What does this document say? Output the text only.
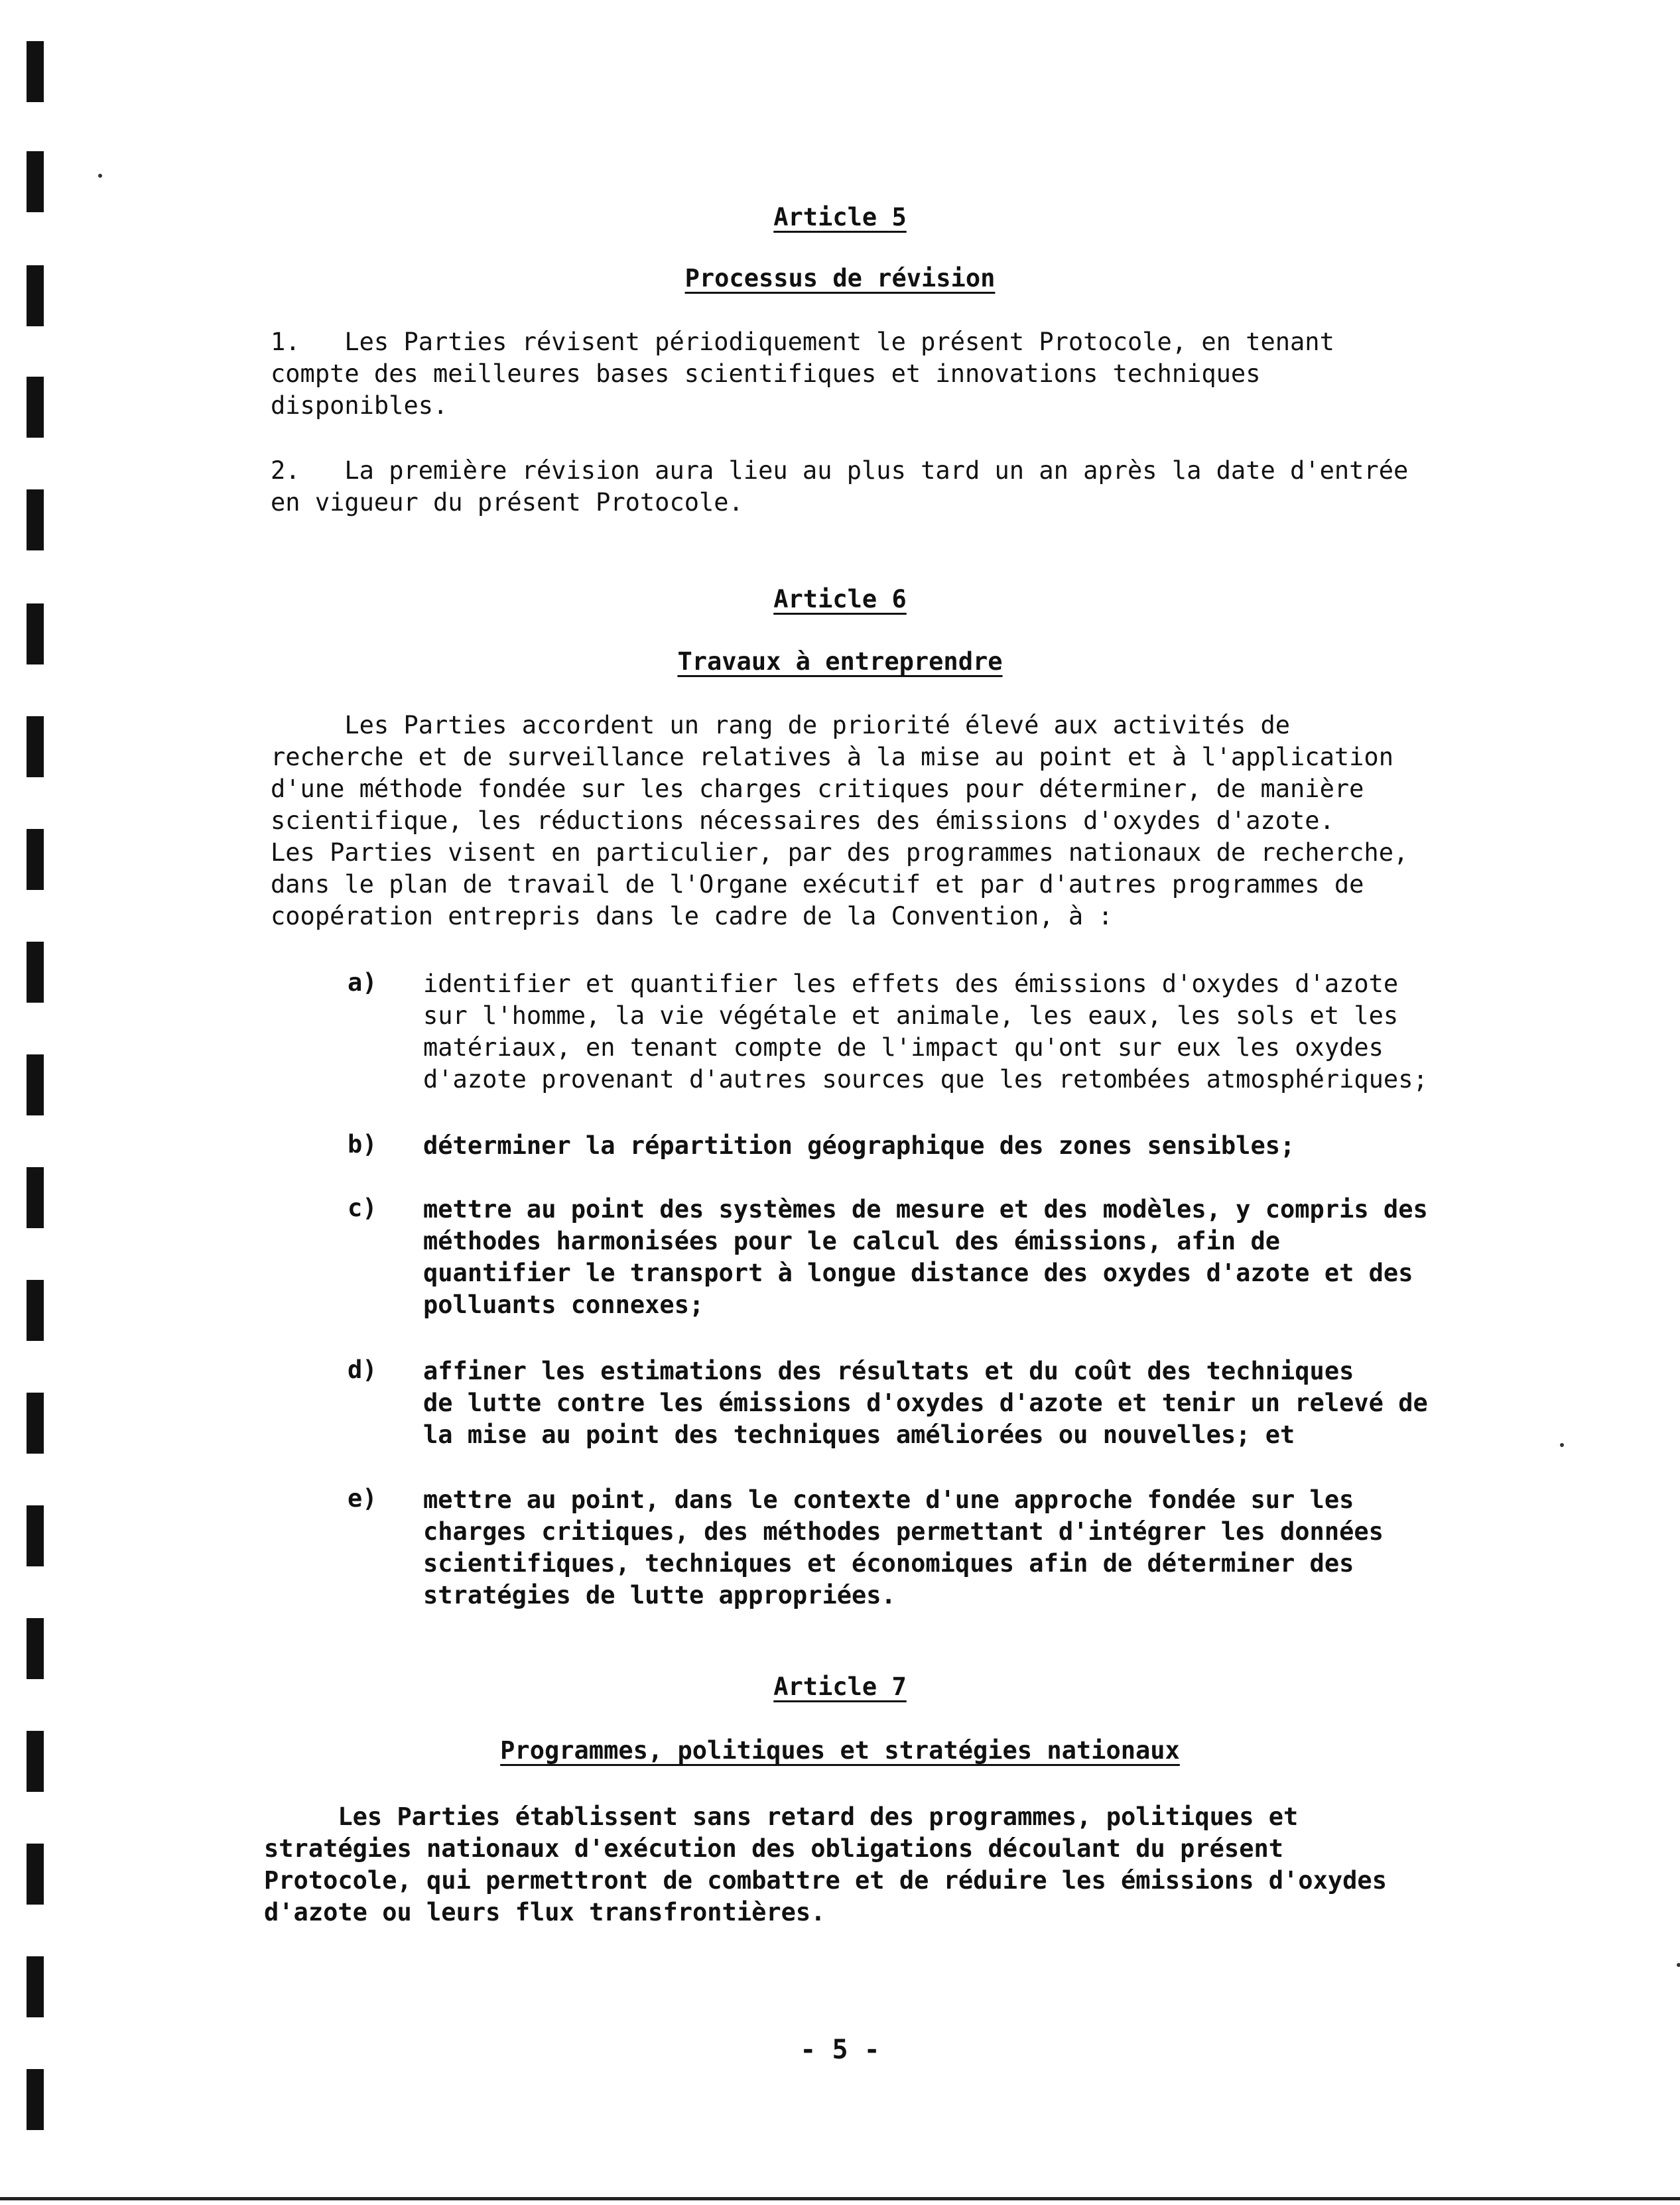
Article 5
Processus de révision
1.   Les Parties révisent périodiquement le présent Protocole, en tenant
compte des meilleures bases scientifiques et innovations techniques
disponibles.
2.   La première révision aura lieu au plus tard un an après la date d'entrée
en vigueur du présent Protocole.
Article 6
Travaux à entreprendre
Les Parties accordent un rang de priorité élevé aux activités de
recherche et de surveillance relatives à la mise au point et à l'application
d'une méthode fondée sur les charges critiques pour déterminer, de manière
scientifique, les réductions nécessaires des émissions d'oxydes d'azote.
Les Parties visent en particulier, par des programmes nationaux de recherche,
dans le plan de travail de l'Organe exécutif et par d'autres programmes de
coopération entrepris dans le cadre de la Convention, à :
a) identifier et quantifier les effets des émissions d'oxydes d'azote
sur l'homme, la vie végétale et animale, les eaux, les sols et les
matériaux, en tenant compte de l'impact qu'ont sur eux les oxydes
d'azote provenant d'autres sources que les retombées atmosphériques;
b) déterminer la répartition géographique des zones sensibles;
c) mettre au point des systèmes de mesure et des modèles, y compris des
méthodes harmonisées pour le calcul des émissions, afin de
quantifier le transport à longue distance des oxydes d'azote et des
polluants connexes;
d) affiner les estimations des résultats et du coût des techniques
de lutte contre les émissions d'oxydes d'azote et tenir un relevé de
la mise au point des techniques améliorées ou nouvelles; et
e) mettre au point, dans le contexte d'une approche fondée sur les
charges critiques, des méthodes permettant d'intégrer les données
scientifiques, techniques et économiques afin de déterminer des
stratégies de lutte appropriées.
Article 7
Programmes, politiques et stratégies nationaux
Les Parties établissent sans retard des programmes, politiques et
stratégies nationaux d'exécution des obligations découlant du présent
Protocole, qui permettront de combattre et de réduire les émissions d'oxydes
d'azote ou leurs flux transfrontières.
- 5 -
